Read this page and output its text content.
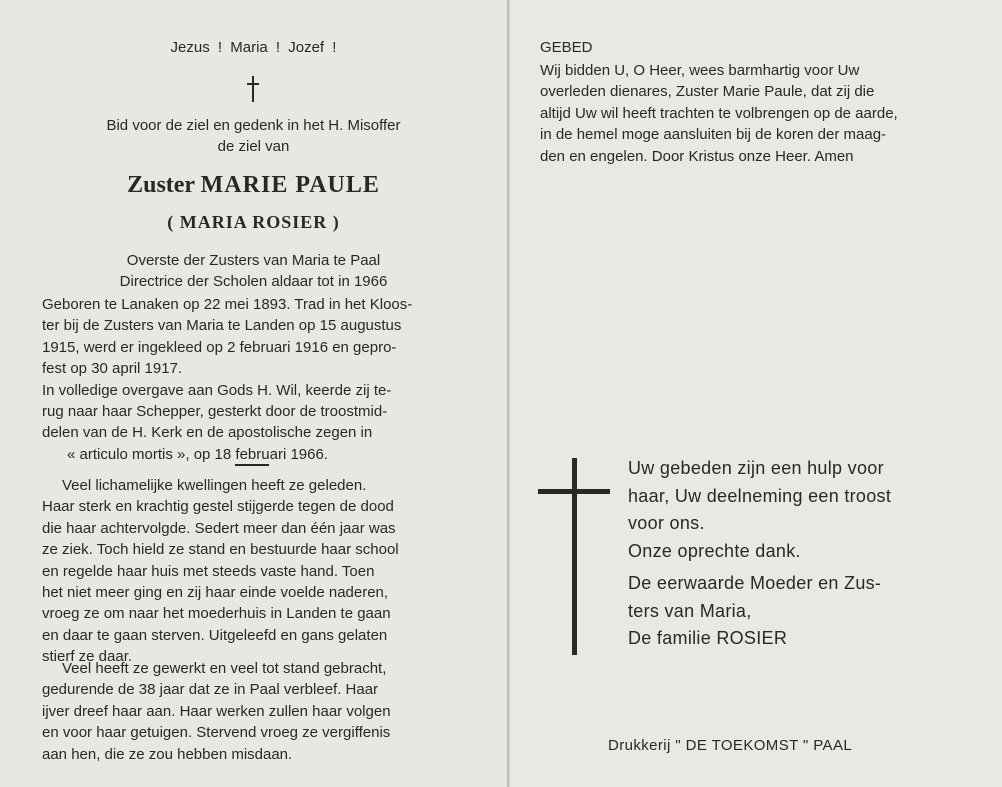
Jezus ! Maria ! Jozef !

Bid voor de ziel en gedenk in het H. Misoffer

de ziel van

Zuster MARIE PAULE

( MARIA ROSIER )

Overste der Zusters van Maria te Paal

Directrice der Scholen aldaar tot in 1966

Geboren te Lanaken op 22 mei 1893. Trad in het Kloos-
ter bij de Zusters van Maria te Landen op 15 augustus
1915, werd er ingekleed op 2 februari 1916 en gepro-
fest op 30 april 1917.
In volledige overgave aan Gods H. Wil, keerde zij te-
rug naar haar Schepper, gesterkt door de troostmid-
delen van de H. Kerk en de apostolische zegen in
« articulo mortis », op 18 februari 1966.
Veel lichamelijke kwellingen heeft ze geleden.
Haar sterk en krachtig gestel stijgerde tegen de dood
die haar achtervolgde. Sedert meer dan één jaar was
ze ziek. Toch hield ze stand en bestuurde haar school
en regelde haar huis met steeds vaste hand. Toen
het niet meer ging en zij haar einde voelde naderen,
vroeg ze om naar het moederhuis in Landen te gaan
en daar te gaan sterven. Uitgeleefd en gans gelaten
stierf ze daar.
Veel heeft ze gewerkt en veel tot stand gebracht,
gedurende de 38 jaar dat ze in Paal verbleef. Haar
ijver dreef haar aan. Haar werken zullen haar volgen
en voor haar getuigen. Stervend vroeg ze vergiffenis
aan hen, die ze zou hebben misdaan.

GEBED

Wij bidden U, O Heer, wees barmhartig voor Uw
overleden dienares, Zuster Marie Paule, dat zij die
altijd Uw wil heeft trachten te volbrengen op de aarde,
in de hemel moge aansluiten bij de koren der maag-
den en engelen. Door Kristus onze Heer. Amen
Uw gebeden zijn een hulp voor
haar, Uw deelneming een troost
voor ons.
Onze oprechte dank.
De eerwaarde Moeder en Zus-
ters van Maria,
De familie ROSIER

Drukkerij " DE TOEKOMST " PAAL
